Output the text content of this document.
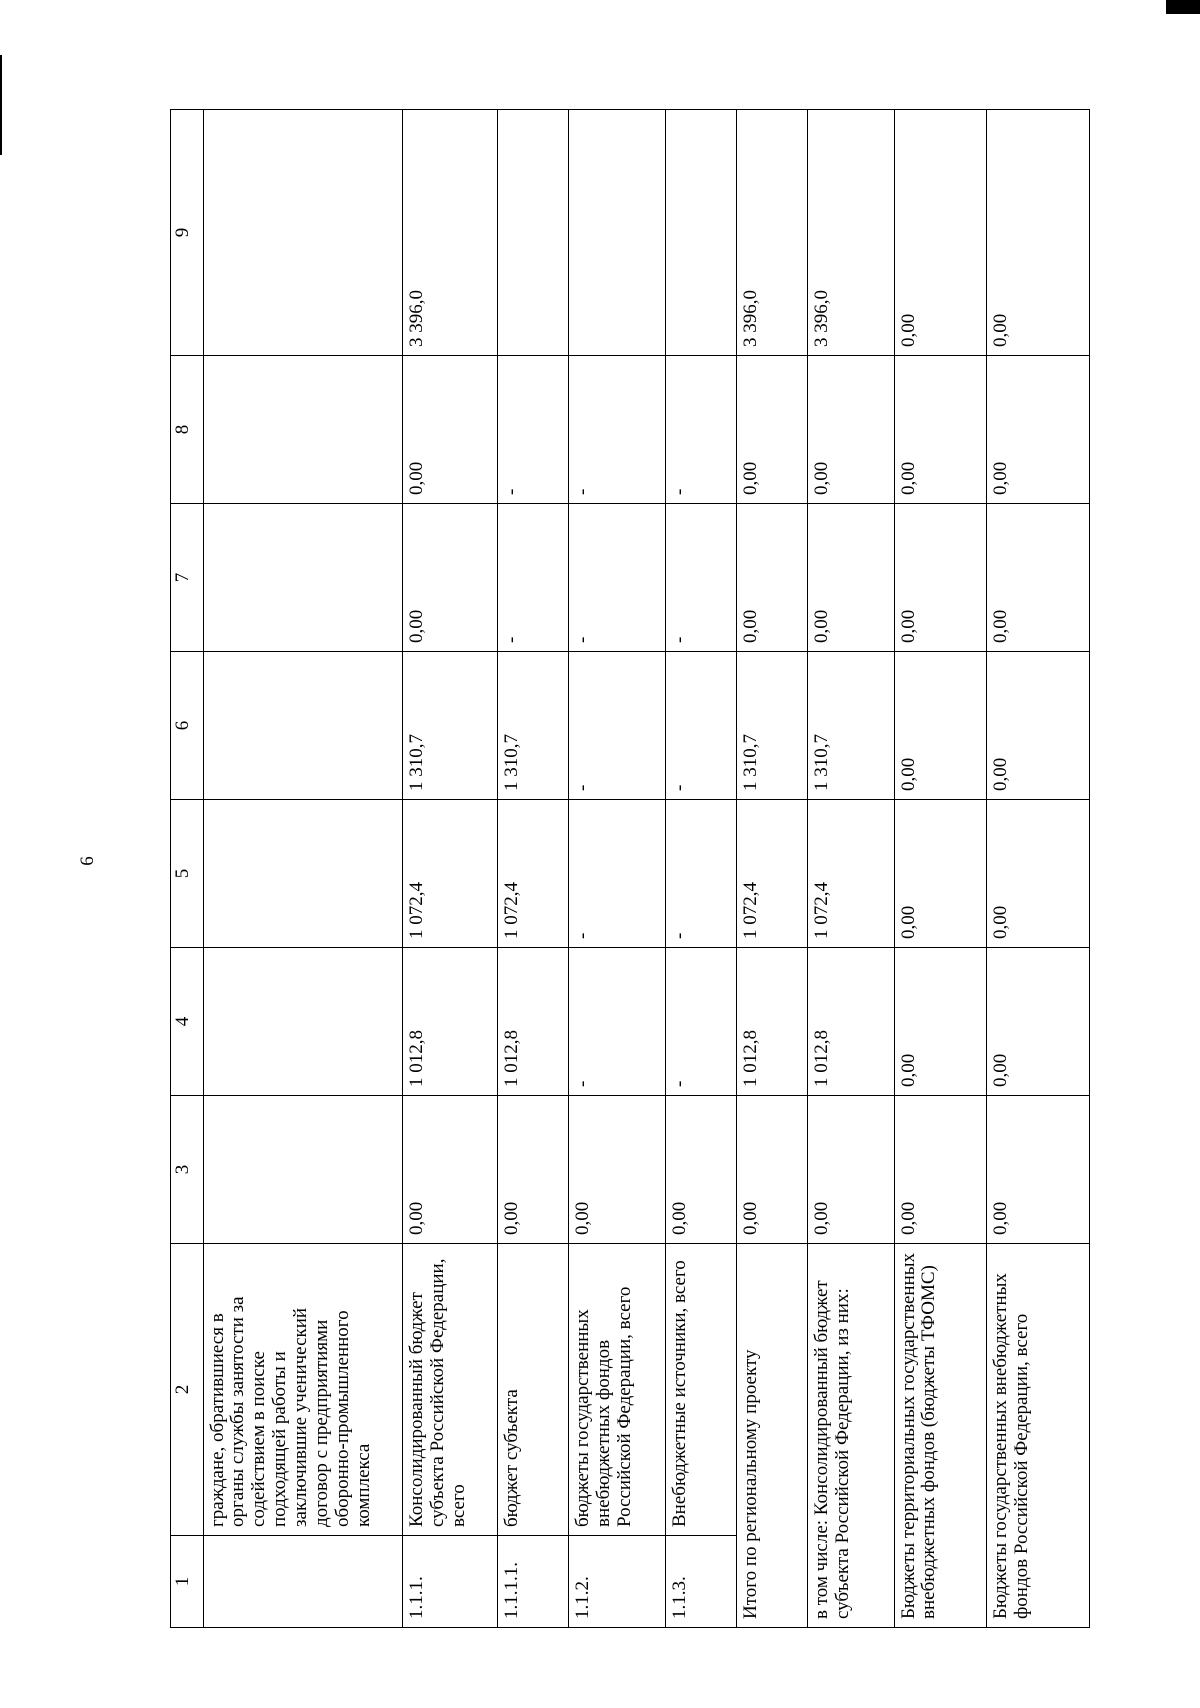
6
1	2	3	4	5	6	7	8	9
	граждане, обратившиеся в органы службы занятости за содействием в поиске подходящей работы и заключившие ученический договор с предприятиями оборонно-промышленного комплекса							
1.1.1.	Консолидированный бюджет субъекта Российской Федерации, всего	0,00	1 012,8	1 072,4	1 310,7	0,00	0,00	3 396,0
1.1.1.1.	бюджет субъекта	0,00	1 012,8	1 072,4	1 310,7	-	-	
1.1.2.	бюджеты государственных внебюджетных фондов Российской Федерации, всего	0,00	-	-	-	-	-	
1.1.3.	Внебюджетные источники, всего	0,00	-	-	-	-	-	
Итого по региональному проекту		0,00	1 012,8	1 072,4	1 310,7	0,00	0,00	3 396,0
в том числе: Консолидированный бюджет субъекта Российской Федерации, из них:		0,00	1 012,8	1 072,4	1 310,7	0,00	0,00	3 396,0
Бюджеты территориальных государственных внебюджетных фондов (бюджеты ТФОМС)		0,00	0,00	0,00	0,00	0,00	0,00	0,00
Бюджеты государственных внебюджетных фондов Российской Федерации, всего		0,00	0,00	0,00	0,00	0,00	0,00	0,00
